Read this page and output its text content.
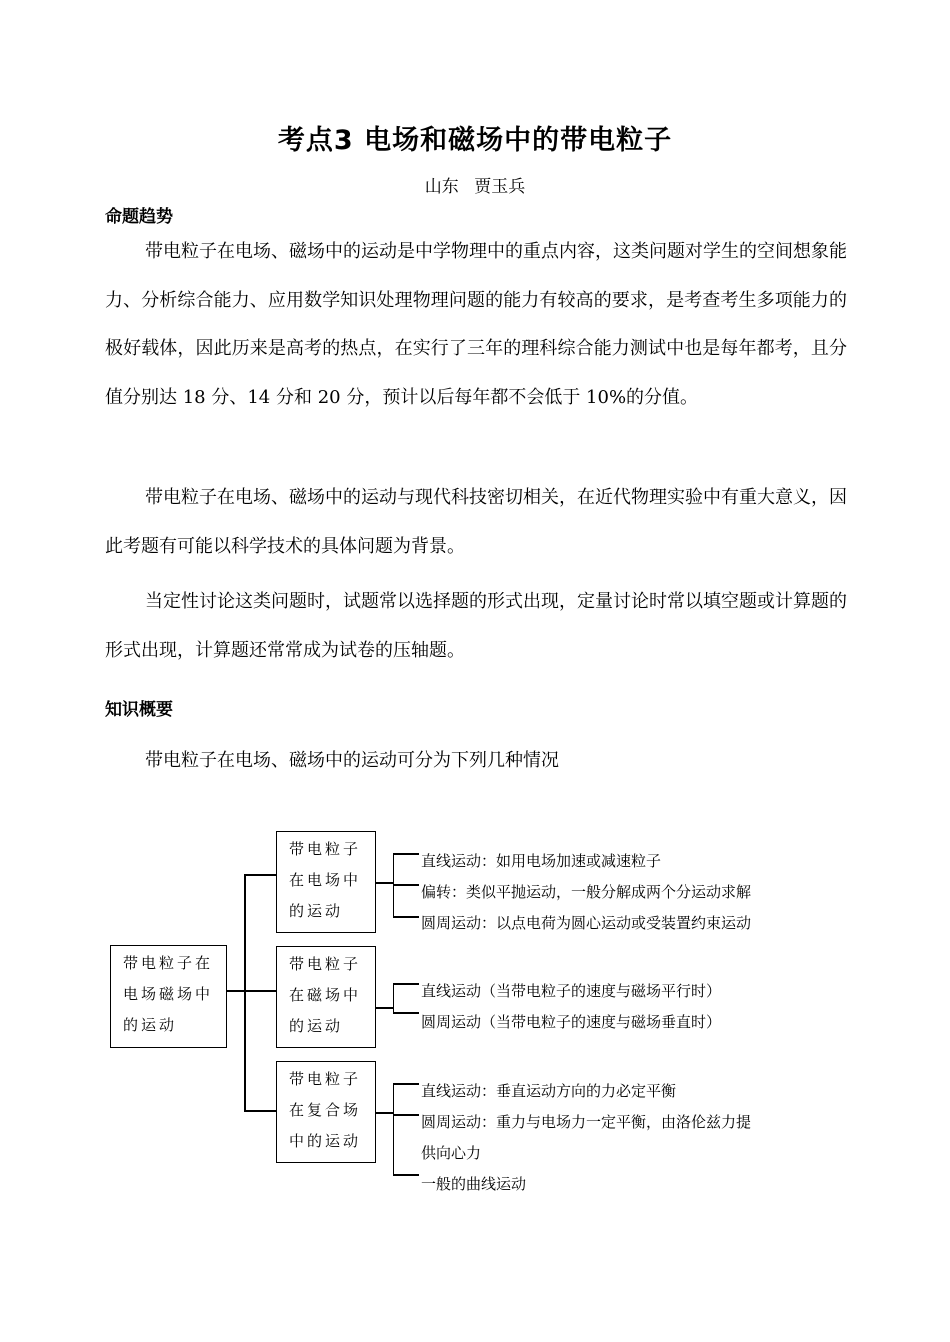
考点3 电场和磁场中的带电粒子
山东 贾玉兵
命题趋势

带电粒子在电场、磁场中的运动是中学物理中的重点内容，这类问题对学生的空间想象能力、分析综合能力、应用数学知识处理物理问题的能力有较高的要求，是考查考生多项能力的极好载体，因此历来是高考的热点，在实行了三年的理科综合能力测试中也是每年都考，且分值分别达 18 分、14 分和 20 分，预计以后每年都不会低于 10%的分值。

带电粒子在电场、磁场中的运动与现代科技密切相关，在近代物理实验中有重大意义，因此考题有可能以科学技术的具体问题为背景。

当定性讨论这类问题时，试题常以选择题的形式出现，定量讨论时常以填空题或计算题的形式出现，计算题还常常成为试卷的压轴题。

知识概要

带电粒子在电场、磁场中的运动可分为下列几种情况

带电粒子在电场磁场中的运动
带电粒子在电场中的运动
带电粒子在磁场中的运动
带电粒子在复合场中的运动
直线运动：如用电场加速或减速粒子
偏转：类似平抛运动，一般分解成两个分运动求解
圆周运动：以点电荷为圆心运动或受装置约束运动
直线运动（当带电粒子的速度与磁场平行时）
圆周运动（当带电粒子的速度与磁场垂直时）
直线运动：垂直运动方向的力必定平衡
圆周运动：重力与电场力一定平衡，由洛伦兹力提
供向心力
一般的曲线运动
